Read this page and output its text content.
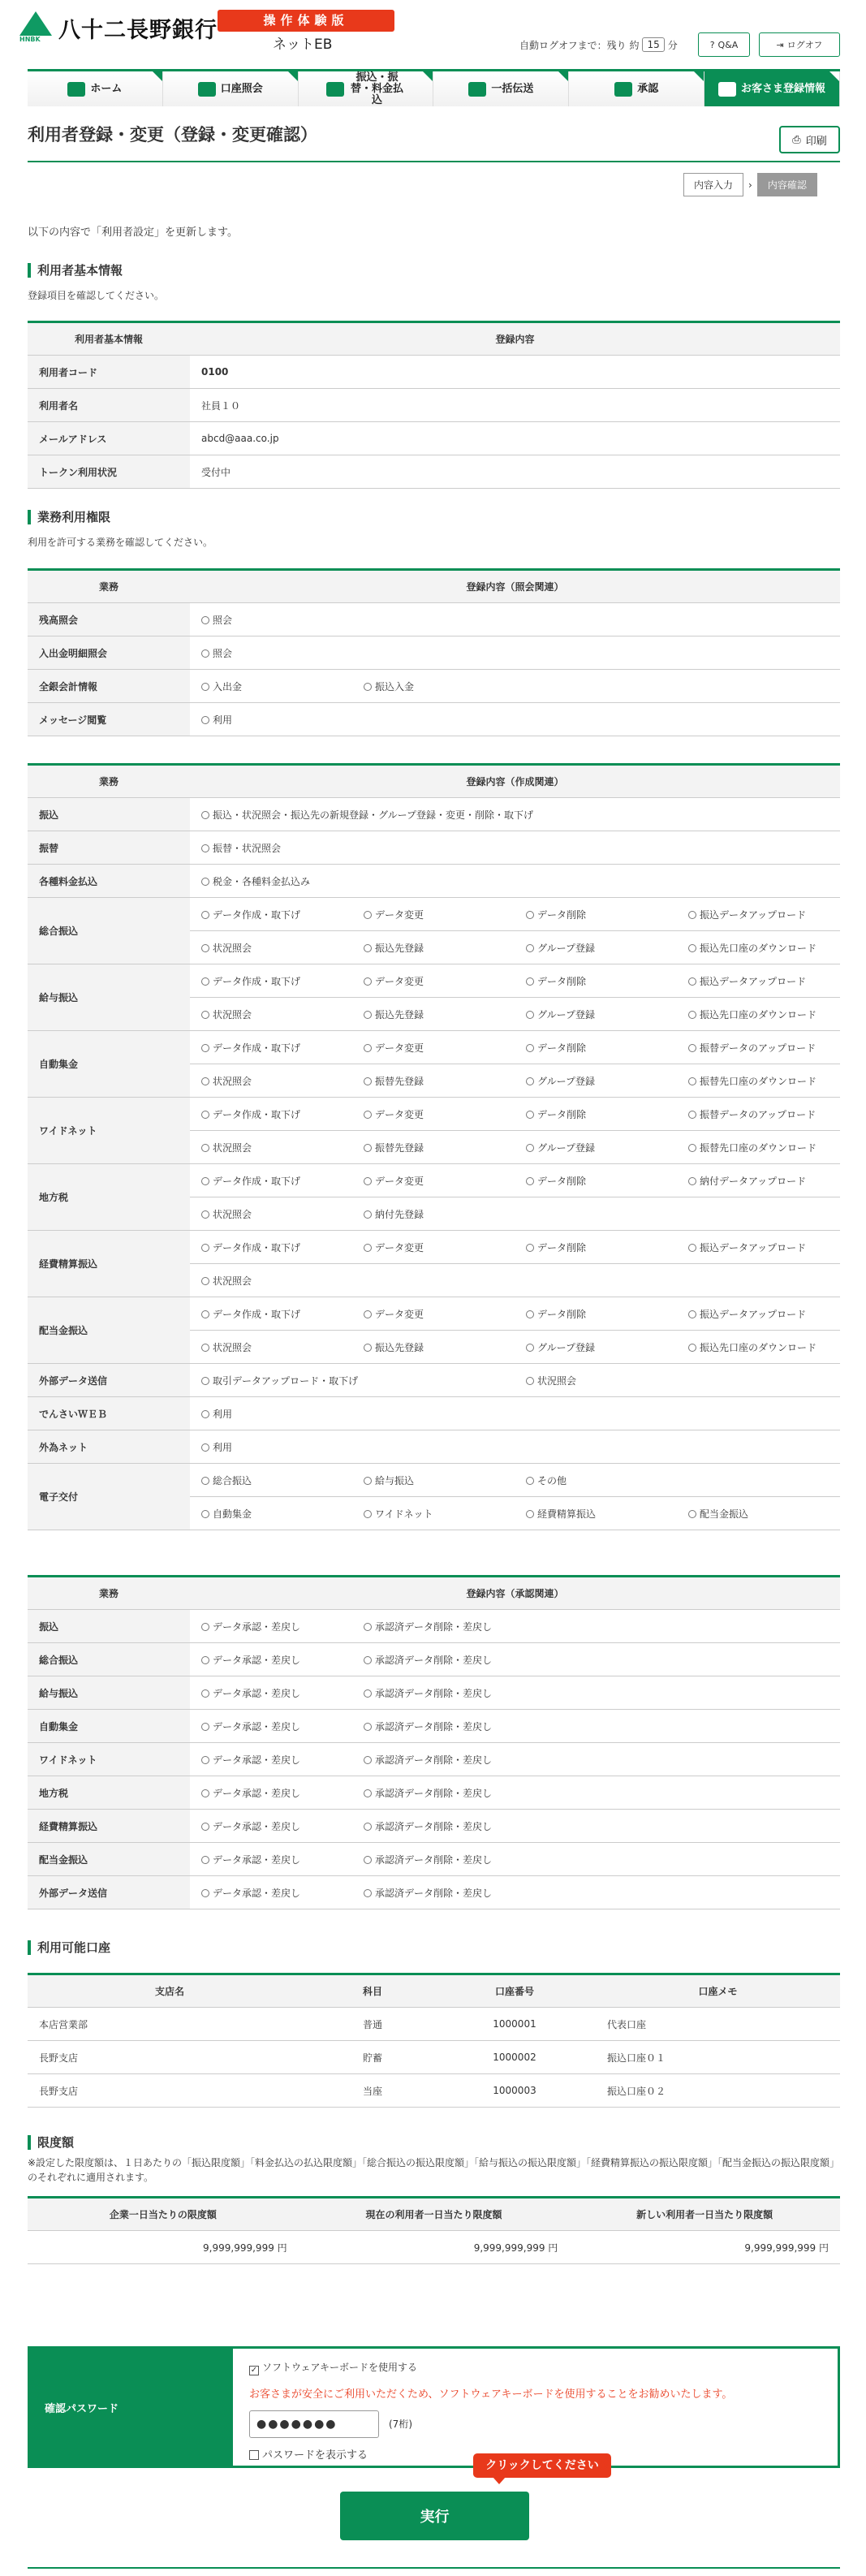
HNBK 八十二長野銀行	操作体験版
ネットEB	自動ログオフまで：残り 約 15 分	? Q&A	⇥ ログオフ
ホーム	口座照会
振込・振替・料金払込
一括伝送	承認	お客さま登録情報
利用者登録・変更（登録・変更確認）	⎙ 印刷
内容入力	›	内容確認
以下の内容で「利用者設定」を更新します。
利用者基本情報
登録項目を確認してください。
利用者基本情報	登録内容
利用者コード	0100
利用者名	社員１０
メールアドレス	abcd@aaa.co.jp
トークン利用状況	受付中
業務利用権限
利用を許可する業務を確認してください。
業務	登録内容（照会関連）
残高照会	照会

入出金明細照会	照会

全銀会計情報	入出金 振込入金

メッセージ閲覧	利用
業務	登録内容（作成関連）
振込	振込・状況照会・振込先の新規登録・グループ登録・変更・削除・取下げ

振替	振替・状況照会

各種料金払込	税金・各種料金払込み

総合振込	データ作成・取下げ データ変更 データ削除 振込データアップロード

	状況照会 振込先登録 グループ登録 振込先口座のダウンロード

給与振込	データ作成・取下げ データ変更 データ削除 振込データアップロード

	状況照会 振込先登録 グループ登録 振込先口座のダウンロード

自動集金	データ作成・取下げ データ変更 データ削除 振替データのアップロード

	状況照会 振替先登録 グループ登録 振替先口座のダウンロード

ワイドネット	データ作成・取下げ データ変更 データ削除 振替データのアップロード

	状況照会 振替先登録 グループ登録 振替先口座のダウンロード

地方税	データ作成・取下げ データ変更 データ削除 納付データアップロード

	状況照会 納付先登録

経費精算振込	データ作成・取下げ データ変更 データ削除 振込データアップロード

	状況照会

配当金振込	データ作成・取下げ データ変更 データ削除 振込データアップロード

	状況照会 振込先登録 グループ登録 振込先口座のダウンロード

外部データ送信	取引データアップロード・取下げ 状況照会

でんさいＷＥＢ	利用

外為ネット	利用

電子交付	総合振込 給与振込 その他

	自動集金 ワイドネット 経費精算振込 配当金振込
業務	登録内容（承認関連）
振込	データ承認・差戻し 承認済データ削除・差戻し

総合振込	データ承認・差戻し 承認済データ削除・差戻し

給与振込	データ承認・差戻し 承認済データ削除・差戻し

自動集金	データ承認・差戻し 承認済データ削除・差戻し

ワイドネット	データ承認・差戻し 承認済データ削除・差戻し

地方税	データ承認・差戻し 承認済データ削除・差戻し

経費精算振込	データ承認・差戻し 承認済データ削除・差戻し

配当金振込	データ承認・差戻し 承認済データ削除・差戻し

外部データ送信	データ承認・差戻し 承認済データ削除・差戻し
利用可能口座
支店名	科目	口座番号	口座メモ
本店営業部	普通	1000001	代表口座
長野支店	貯蓄	1000002	振込口座０１
長野支店	当座	1000003	振込口座０２
限度額
※設定した限度額は、１日あたりの「振込限度額」「料金払込の払込限度額」「総合振込の振込限度額」「給与振込の振込限度額」「経費精算振込の振込限度額」「配当金振込の振込限度額」のそれぞれに適用されます。
企業一日当たりの限度額	現在の利用者一日当たり限度額	新しい利用者一日当たり限度額
9,999,999,999 円	9,999,999,999 円	9,999,999,999 円
確認パスワード
✓ ソフトウェアキーボードを使用する
お客さまが安全にご利用いただくため、ソフトウェアキーボードを使用することをお勧めいたします。
●●●●●●●	(7桁)
パスワードを表示する
クリックしてください
実行
